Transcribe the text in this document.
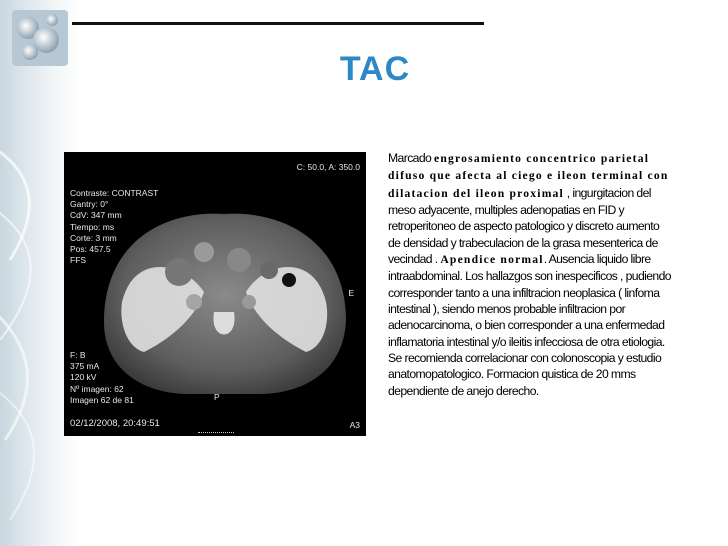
TAC
Contraste: CONTRAST
Gantry: 0°
CdV: 347 mm
Tiempo: ms
Corte: 3 mm
Pos: 457.5
FFS
C: 50.0, A: 350.0
F: B
375 mA
120 kV
Nº imagen: 62
Imagen 62 de 81	P
E
02/12/2008, 20:49:51	A3
Marcado engrosamiento concentrico parietal difuso que afecta al ciego e ileon terminal con dilatacion del ileon proximal , ingurgitacion del meso adyacente, multiples adenopatias en FID y retroperitoneo de aspecto patologico y discreto aumento de densidad y trabeculacion de la grasa mesenterica de vecindad . Apendice normal. Ausencia liquido libre intraabdominal. Los hallazgos son inespecificos , pudiendo corresponder tanto a una infiltracion neoplasica ( linfoma intestinal ), siendo menos probable infiltracion por adenocarcinoma, o bien corresponder a una enfermedad inflamatoria intestinal y/o ileitis infecciosa de otra etiologia. Se recomienda correlacionar con colonoscopia y estudio anatomopatologico. Formacion quistica de 20 mms dependiente de anejo derecho.
